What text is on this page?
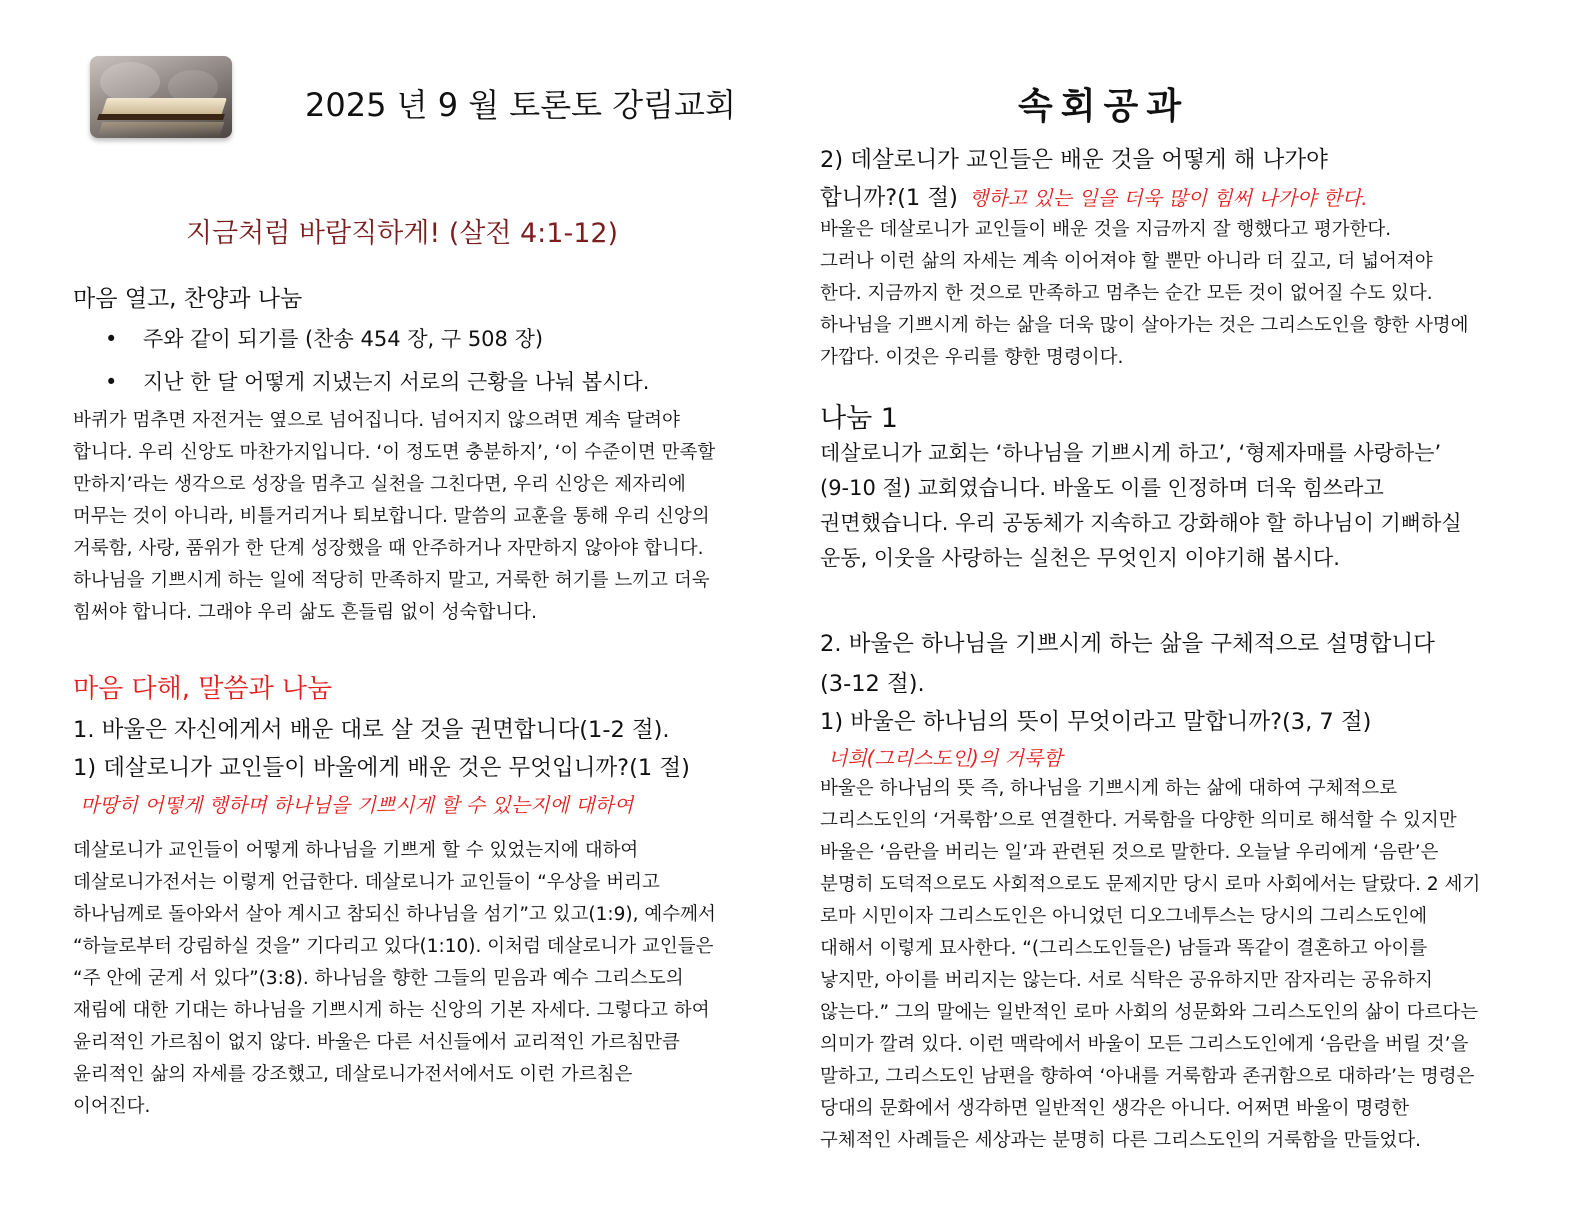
2025 년 9 월 토론토 강림교회	속회공과
지금처럼 바람직하게! (살전 4:1-12)
마음 열고, 찬양과 나눔
• 주와 같이 되기를 (찬송 454 장, 구 508 장)
• 지난 한 달 어떻게 지냈는지 서로의 근황을 나눠 봅시다.
바퀴가 멈추면 자전거는 옆으로 넘어집니다. 넘어지지 않으려면 계속 달려야
합니다. 우리 신앙도 마찬가지입니다. ‘이 정도면 충분하지’, ‘이 수준이면 만족할
만하지’라는 생각으로 성장을 멈추고 실천을 그친다면, 우리 신앙은 제자리에
머무는 것이 아니라, 비틀거리거나 퇴보합니다. 말씀의 교훈을 통해 우리 신앙의
거룩함, 사랑, 품위가 한 단계 성장했을 때 안주하거나 자만하지 않아야 합니다.
하나님을 기쁘시게 하는 일에 적당히 만족하지 말고, 거룩한 허기를 느끼고 더욱
힘써야 합니다. 그래야 우리 삶도 흔들림 없이 성숙합니다.
마음 다해, 말씀과 나눔
1. 바울은 자신에게서 배운 대로 살 것을 권면합니다(1-2 절).
1) 데살로니가 교인들이 바울에게 배운 것은 무엇입니까?(1 절)
마땅히 어떻게 행하며 하나님을 기쁘시게 할 수 있는지에 대하여
데살로니가 교인들이 어떻게 하나님을 기쁘게 할 수 있었는지에 대하여
데살로니가전서는 이렇게 언급한다. 데살로니가 교인들이 “우상을 버리고
하나님께로 돌아와서 살아 계시고 참되신 하나님을 섬기”고 있고(1:9), 예수께서
“하늘로부터 강림하실 것을” 기다리고 있다(1:10). 이처럼 데살로니가 교인들은
“주 안에 굳게 서 있다”(3:8). 하나님을 향한 그들의 믿음과 예수 그리스도의
재림에 대한 기대는 하나님을 기쁘시게 하는 신앙의 기본 자세다. 그렇다고 하여
윤리적인 가르침이 없지 않다. 바울은 다른 서신들에서 교리적인 가르침만큼
윤리적인 삶의 자세를 강조했고, 데살로니가전서에서도 이런 가르침은
이어진다.
2) 데살로니가 교인들은 배운 것을 어떻게 해 나가야
합니까?(1 절) 행하고 있는 일을 더욱 많이 힘써 나가야 한다.
바울은 데살로니가 교인들이 배운 것을 지금까지 잘 행했다고 평가한다.
그러나 이런 삶의 자세는 계속 이어져야 할 뿐만 아니라 더 깊고, 더 넓어져야
한다. 지금까지 한 것으로 만족하고 멈추는 순간 모든 것이 없어질 수도 있다.
하나님을 기쁘시게 하는 삶을 더욱 많이 살아가는 것은 그리스도인을 향한 사명에
가깝다. 이것은 우리를 향한 명령이다.
나눔 1
데살로니가 교회는 ‘하나님을 기쁘시게 하고’, ‘형제자매를 사랑하는’
(9-10 절) 교회였습니다. 바울도 이를 인정하며 더욱 힘쓰라고
권면했습니다. 우리 공동체가 지속하고 강화해야 할 하나님이 기뻐하실
운동, 이웃을 사랑하는 실천은 무엇인지 이야기해 봅시다.
2. 바울은 하나님을 기쁘시게 하는 삶을 구체적으로 설명합니다
(3-12 절).
1) 바울은 하나님의 뜻이 무엇이라고 말합니까?(3, 7 절)
너희(그리스도인)의 거룩함
바울은 하나님의 뜻 즉, 하나님을 기쁘시게 하는 삶에 대하여 구체적으로
그리스도인의 ‘거룩함’으로 연결한다. 거룩함을 다양한 의미로 해석할 수 있지만
바울은 ‘음란을 버리는 일’과 관련된 것으로 말한다. 오늘날 우리에게 ‘음란’은
분명히 도덕적으로도 사회적으로도 문제지만 당시 로마 사회에서는 달랐다. 2 세기
로마 시민이자 그리스도인은 아니었던 디오그네투스는 당시의 그리스도인에
대해서 이렇게 묘사한다. “(그리스도인들은) 남들과 똑같이 결혼하고 아이를
낳지만, 아이를 버리지는 않는다. 서로 식탁은 공유하지만 잠자리는 공유하지
않는다.” 그의 말에는 일반적인 로마 사회의 성문화와 그리스도인의 삶이 다르다는
의미가 깔려 있다. 이런 맥락에서 바울이 모든 그리스도인에게 ‘음란을 버릴 것’을
말하고, 그리스도인 남편을 향하여 ‘아내를 거룩함과 존귀함으로 대하라’는 명령은
당대의 문화에서 생각하면 일반적인 생각은 아니다. 어쩌면 바울이 명령한
구체적인 사례들은 세상과는 분명히 다른 그리스도인의 거룩함을 만들었다.
